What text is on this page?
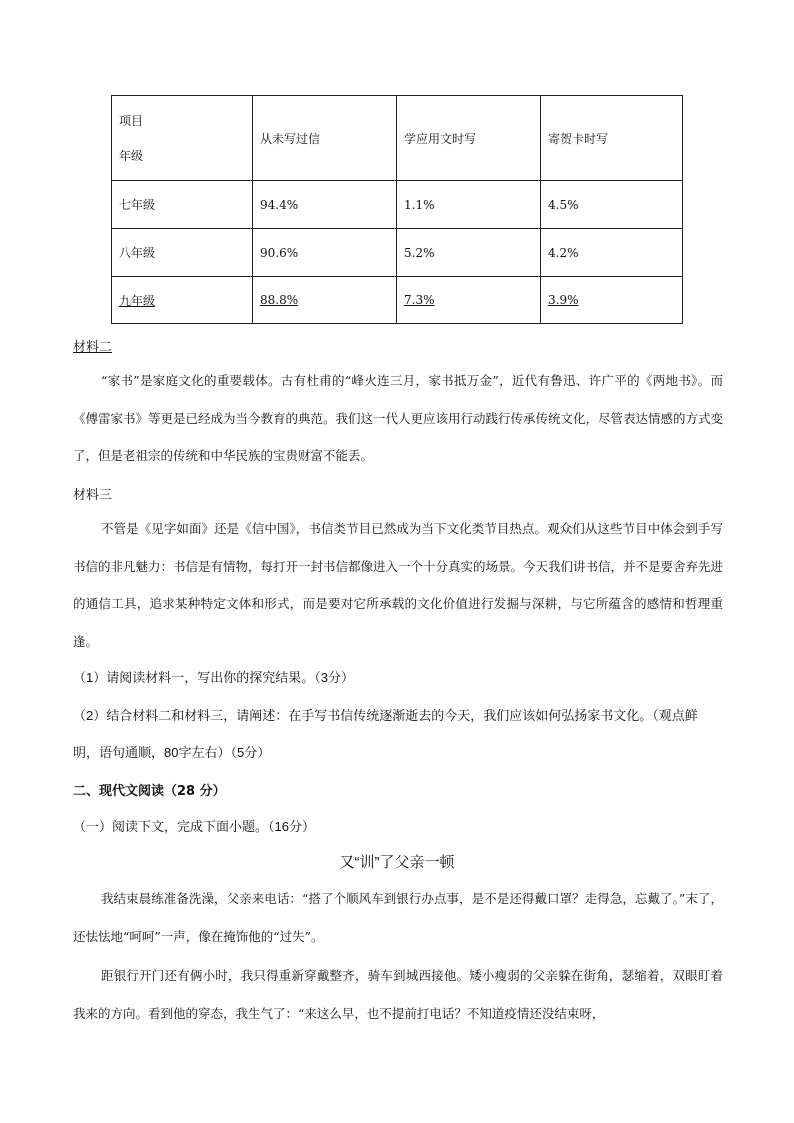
项目
年级	从未写过信	学应用文时写	寄贺卡时写
七年级	94.4%	1.1%	4.5%
八年级	90.6%	5.2%	4.2%
九年级	88.8%	7.3%	3.9%
材料二
“家书”是家庭文化的重要载体。古有杜甫的“峰火连三月，家书抵万金”，近代有鲁迅、许广平的《两地书》。而《傅雷家书》等更是已经成为当今教育的典范。我们这一代人更应该用行动践行传承传统文化，尽管表达情感的方式变了，但是老祖宗的传统和中华民族的宝贵财富不能丢。
材料三
不管是《见字如面》还是《信中国》，书信类节目已然成为当下文化类节目热点。观众们从这些节目中体会到手写书信的非凡魅力：书信是有情物，每打开一封书信都像进入一个十分真实的场景。今天我们讲书信，并不是要舍弃先进的通信工具，追求某种特定文体和形式，而是要对它所承载的文化价值进行发掘与深耕，与它所蕴含的感情和哲理重逢。
（1）请阅读材料一，写出你的探究结果。（3分）
（2）结合材料二和材料三，请阐述：在手写书信传统逐渐逝去的今天，我们应该如何弘扬家书文化。（观点鲜明，语句通顺，80字左右）（5分）
二、现代文阅读（28 分）
（一）阅读下文，完成下面小题。（16分）
又“训”了父亲一顿
我结束晨练准备洗澡，父亲来电话：“搭了个顺风车到银行办点事，是不是还得戴口罩？走得急，忘戴了。”末了，还怯怯地“呵呵”一声，像在掩饰他的“过失”。
距银行开门还有俩小时，我只得重新穿戴整齐，骑车到城西接他。矮小瘦弱的父亲躲在街角，瑟缩着，双眼盯着我来的方向。看到他的穿态，我生气了：“来这么早，也不提前打电话？不知道疫情还没结束呀，
